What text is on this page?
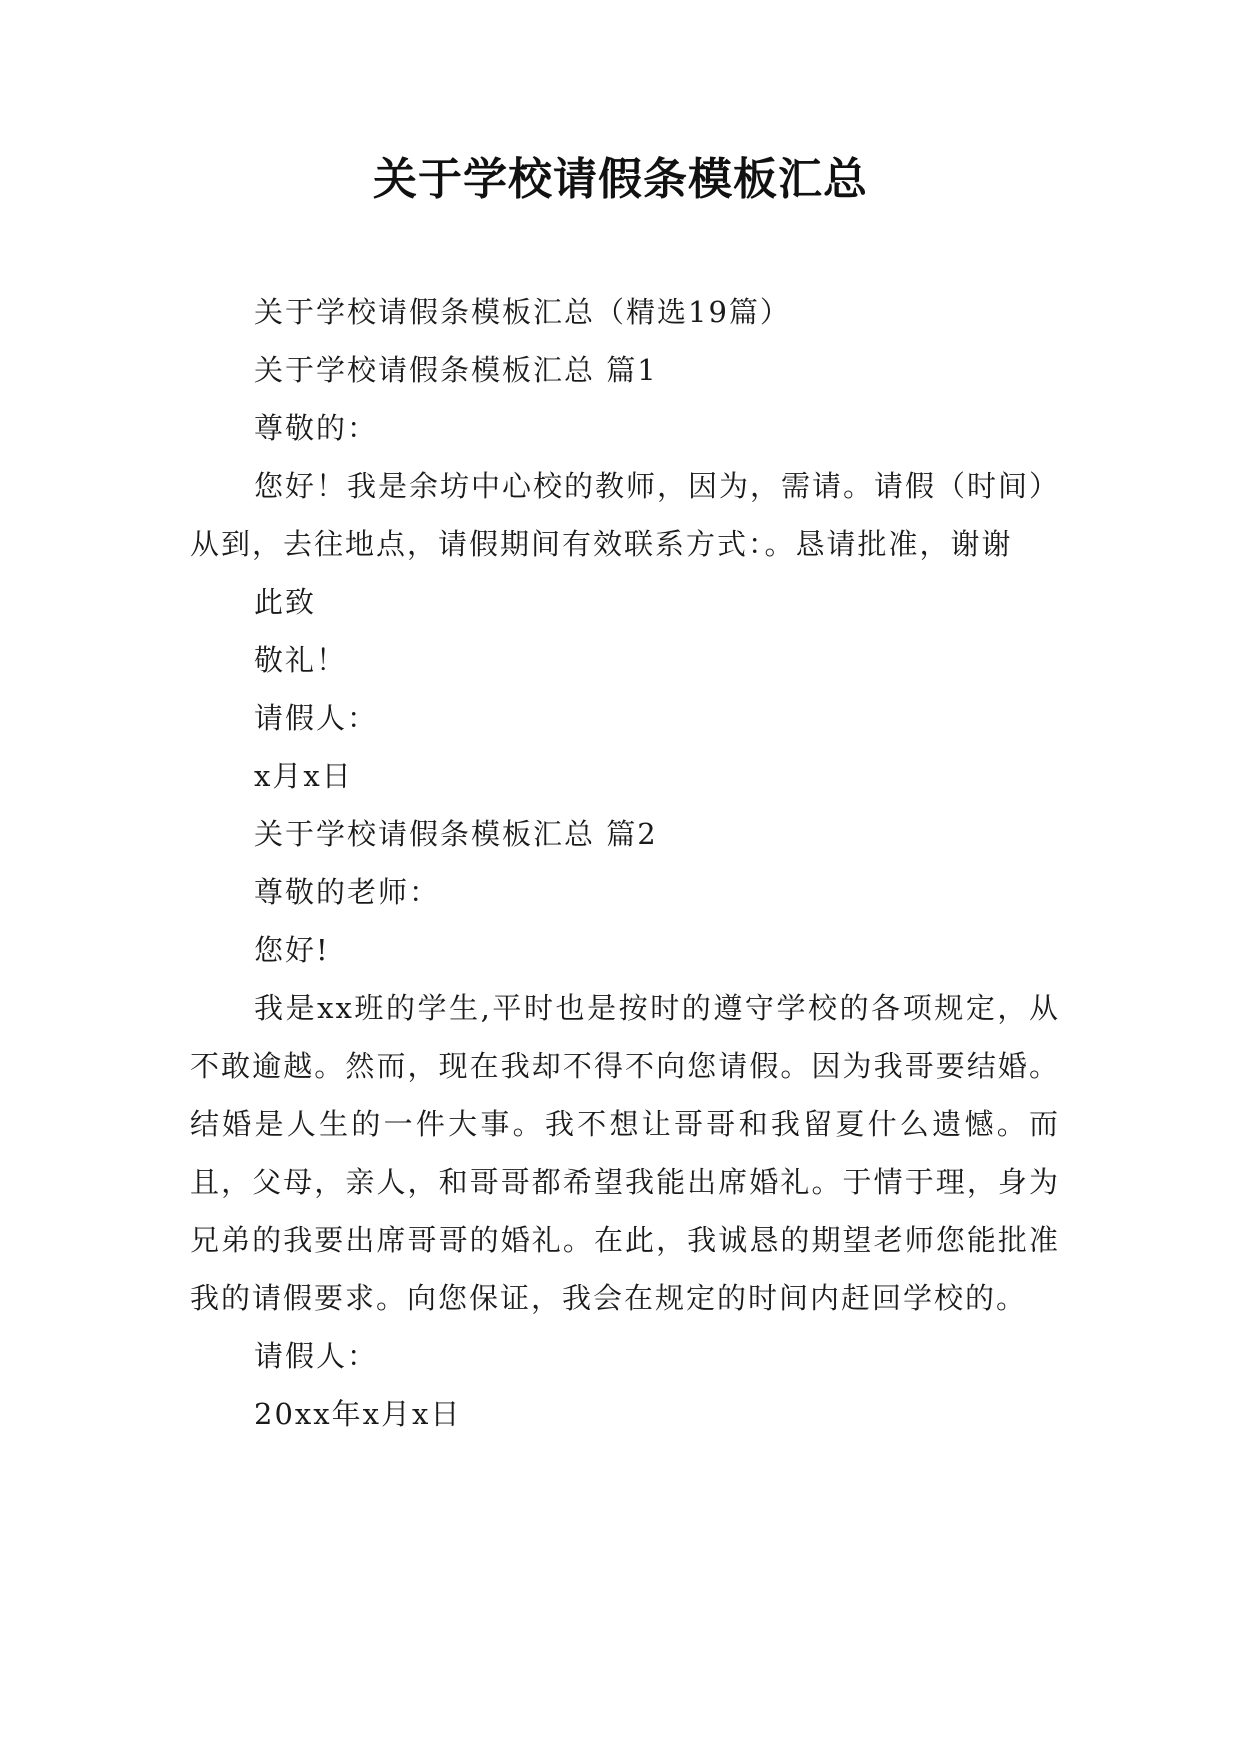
关于学校请假条模板汇总

关于学校请假条模板汇总（精选19篇）

关于学校请假条模板汇总 篇1

尊敬的：

您好！我是余坊中心校的教师，因为，需请。请假（时间）从到，去往地点，请假期间有效联系方式：。恳请批准，谢谢

此致

敬礼！

请假人：

x月x日

关于学校请假条模板汇总 篇2

尊敬的老师：

您好!

我是xx班的学生,平时也是按时的遵守学校的各项规定，从不敢逾越。然而，现在我却不得不向您请假。因为我哥要结婚。结婚是人生的一件大事。我不想让哥哥和我留夏什么遗憾。而且，父母，亲人，和哥哥都希望我能出席婚礼。于情于理，身为兄弟的我要出席哥哥的婚礼。在此，我诚恳的期望老师您能批准我的请假要求。向您保证，我会在规定的时间内赶回学校的。

请假人：

20xx年x月x日
